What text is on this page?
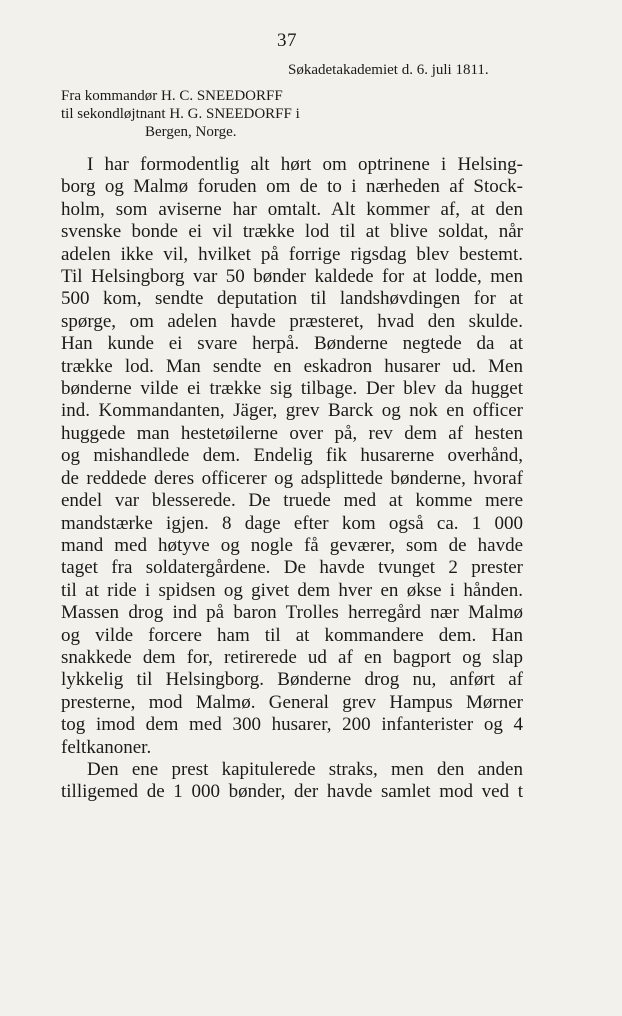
37
Søkadetakademiet d. 6. juli 1811.
Fra kommandør H. C. SNEEDORFF
til sekondløjtnant H. G. SNEEDORFF i
Bergen, Norge.
I har formodentlig alt hørt om optrinene i Helsing-
borg og Malmø foruden om de to i nærheden af Stock-
holm, som aviserne har omtalt. Alt kommer af, at den
svenske bonde ei vil trække lod til at blive soldat, når
adelen ikke vil, hvilket på forrige rigsdag blev bestemt.
Til Helsingborg var 50 bønder kaldede for at lodde, men
500 kom, sendte deputation til landshøvdingen for at
spørge, om adelen havde præsteret, hvad den skulde.
Han kunde ei svare herpå. Bønderne negtede da at
trække lod. Man sendte en eskadron husarer ud. Men
bønderne vilde ei trække sig tilbage. Der blev da hugget
ind. Kommandanten, Jäger, grev Barck og nok en officer
huggede man hestetøilerne over på, rev dem af hesten
og mishandlede dem. Endelig fik husarerne overhånd,
de reddede deres officerer og adsplittede bønderne, hvoraf
endel var blesserede. De truede med at komme mere
mandstærke igjen. 8 dage efter kom også ca. 1 000
mand med høtyve og nogle få geværer, som de havde
taget fra soldatergårdene. De havde tvunget 2 prester
til at ride i spidsen og givet dem hver en økse i hånden.
Massen drog ind på baron Trolles herregård nær Malmø
og vilde forcere ham til at kommandere dem. Han
snakkede dem for, retirerede ud af en bagport og slap
lykkelig til Helsingborg. Bønderne drog nu, anført af
presterne, mod Malmø. General grev Hampus Mørner
tog imod dem med 300 husarer, 200 infanterister og 4
feltkanoner.
Den ene prest kapitulerede straks, men den anden
tilligemed de 1 000 bønder, der havde samlet mod ved t
